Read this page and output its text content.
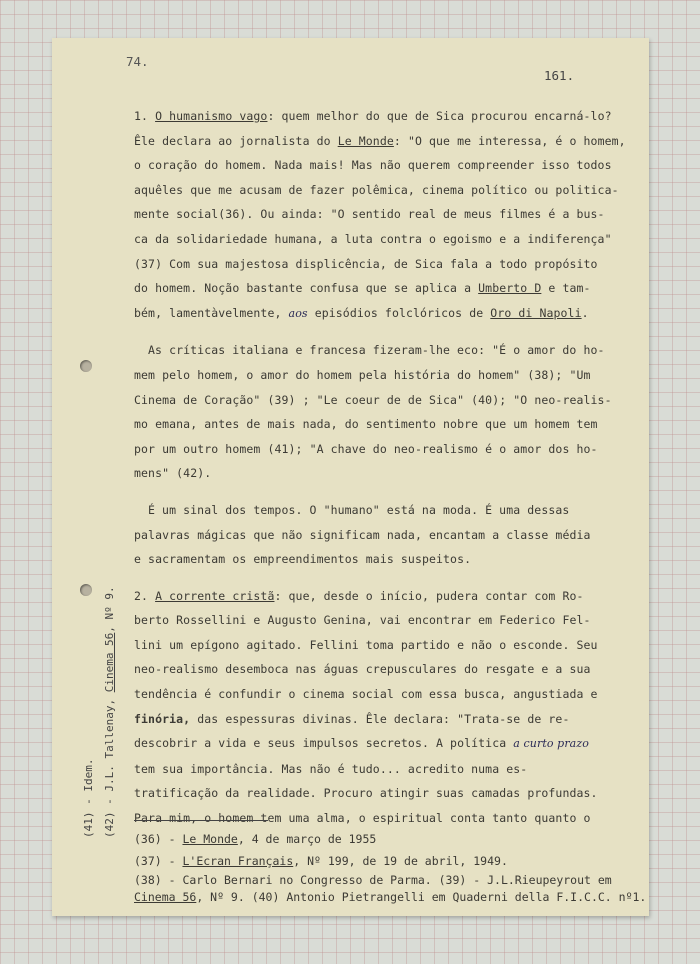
74.
161.

1. O humanismo vago: quem melhor do que de Sica procurou encarná-lo?
Êle declara ao jornalista do Le Monde: "O que me interessa, é o homem,
o coração do homem. Nada mais! Mas não querem compreender isso todos
aquêles que me acusam de fazer polêmica, cinema político ou politica-
mente social(36). Ou ainda: "O sentido real de meus filmes é a bus-
ca da solidariedade humana, a luta contra o egoismo e a indiferença"
(37) Com sua majestosa displicência, de Sica fala a todo propósito
do homem. Noção bastante confusa que se aplica a Umberto D e tam-
bém, lamentàvelmente, aos episódios folclóricos de Oro di Napoli.

As críticas italiana e francesa fizeram-lhe eco: "É o amor do ho-
mem pelo homem, o amor do homem pela história do homem" (38); "Um
Cinema de Coração" (39) ; "Le coeur de de Sica" (40); "O neo-realis-
mo emana, antes de mais nada, do sentimento nobre que um homem tem
por um outro homem (41); "A chave do neo-realismo é o amor dos ho-
mens" (42).

É um sinal dos tempos. O "humano" está na moda. É uma dessas
palavras mágicas que não significam nada, encantam a classe média
e sacramentam os empreendimentos mais suspeitos.

2. A corrente cristã: que, desde o início, pudera contar com Ro-
berto Rossellini e Augusto Genina, vai encontrar em Federico Fel-
lini um epígono agitado. Fellini toma partido e não o esconde. Seu
neo-realismo desemboca nas águas crepusculares do resgate e a sua
tendência é confundir o cinema social com essa busca, angustiada e
finória, das espessuras divinas. Êle declara: "Trata-se de re-
descobrir a vida e seus impulsos secretos. A política a curto prazo
tem sua importância. Mas não é tudo... acredito numa es-
tratificação da realidade. Procuro atingir suas camadas profundas.
Para mim, o homem tem uma alma, o espiritual conta tanto quanto o

(41) - Idem. (42) - J.L. Tallenay, Cinema 56, Nº 9.
(36) - Le Monde, 4 de março de 1955
(37) - L'Ecran Français, Nº 199, de 19 de abril, 1949.
(38) - Carlo Bernari no Congresso de Parma. (39) - J.L.Rieupeyrout em
Cinema 56, Nº 9. (40) Antonio Pietrangelli em Quaderni della F.I.C.C. nº1.
